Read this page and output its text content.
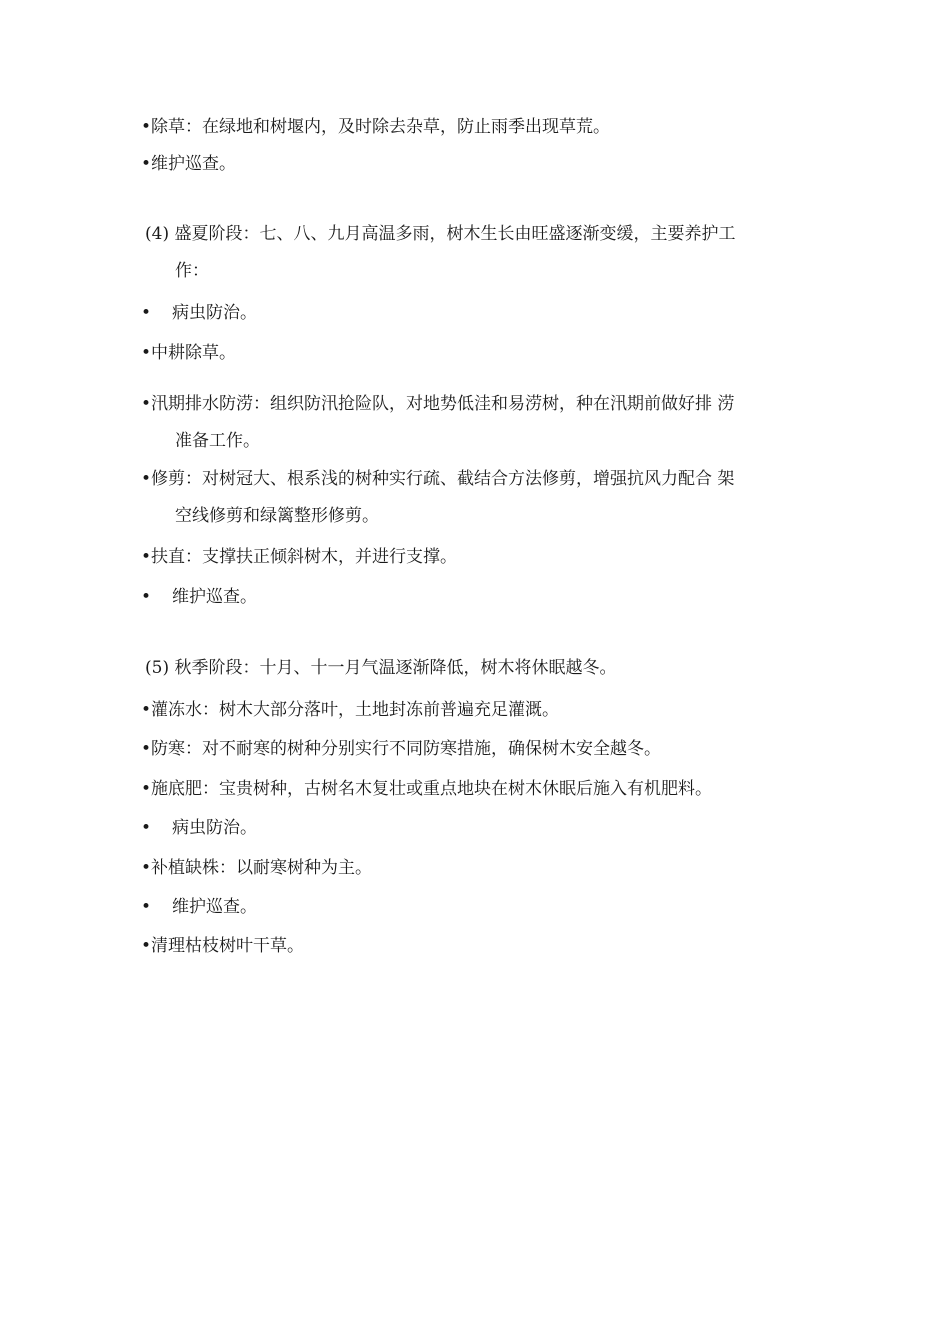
•除草：在绿地和树堰内，及时除去杂草，防止雨季出现草荒。
•维护巡查。
(4) 盛夏阶段：七、八、九月高温多雨，树木生长由旺盛逐渐变缓，主要养护工
作：
• 病虫防治。
•中耕除草。
•汛期排水防涝：组织防汛抢险队，对地势低洼和易涝树，种在汛期前做好排 涝
准备工作。
•修剪：对树冠大、根系浅的树种实行疏、截结合方法修剪，增强抗风力配合 架
空线修剪和绿篱整形修剪。
•扶直：支撑扶正倾斜树木，并进行支撑。
• 维护巡查。
(5) 秋季阶段：十月、十一月气温逐渐降低，树木将休眠越冬。
•灌冻水：树木大部分落叶，土地封冻前普遍充足灌溉。
•防寒：对不耐寒的树种分别实行不同防寒措施，确保树木安全越冬。
•施底肥：宝贵树种，古树名木复壮或重点地块在树木休眠后施入有机肥料。
• 病虫防治。
•补植缺株：以耐寒树种为主。
• 维护巡查。
•清理枯枝树叶干草。
